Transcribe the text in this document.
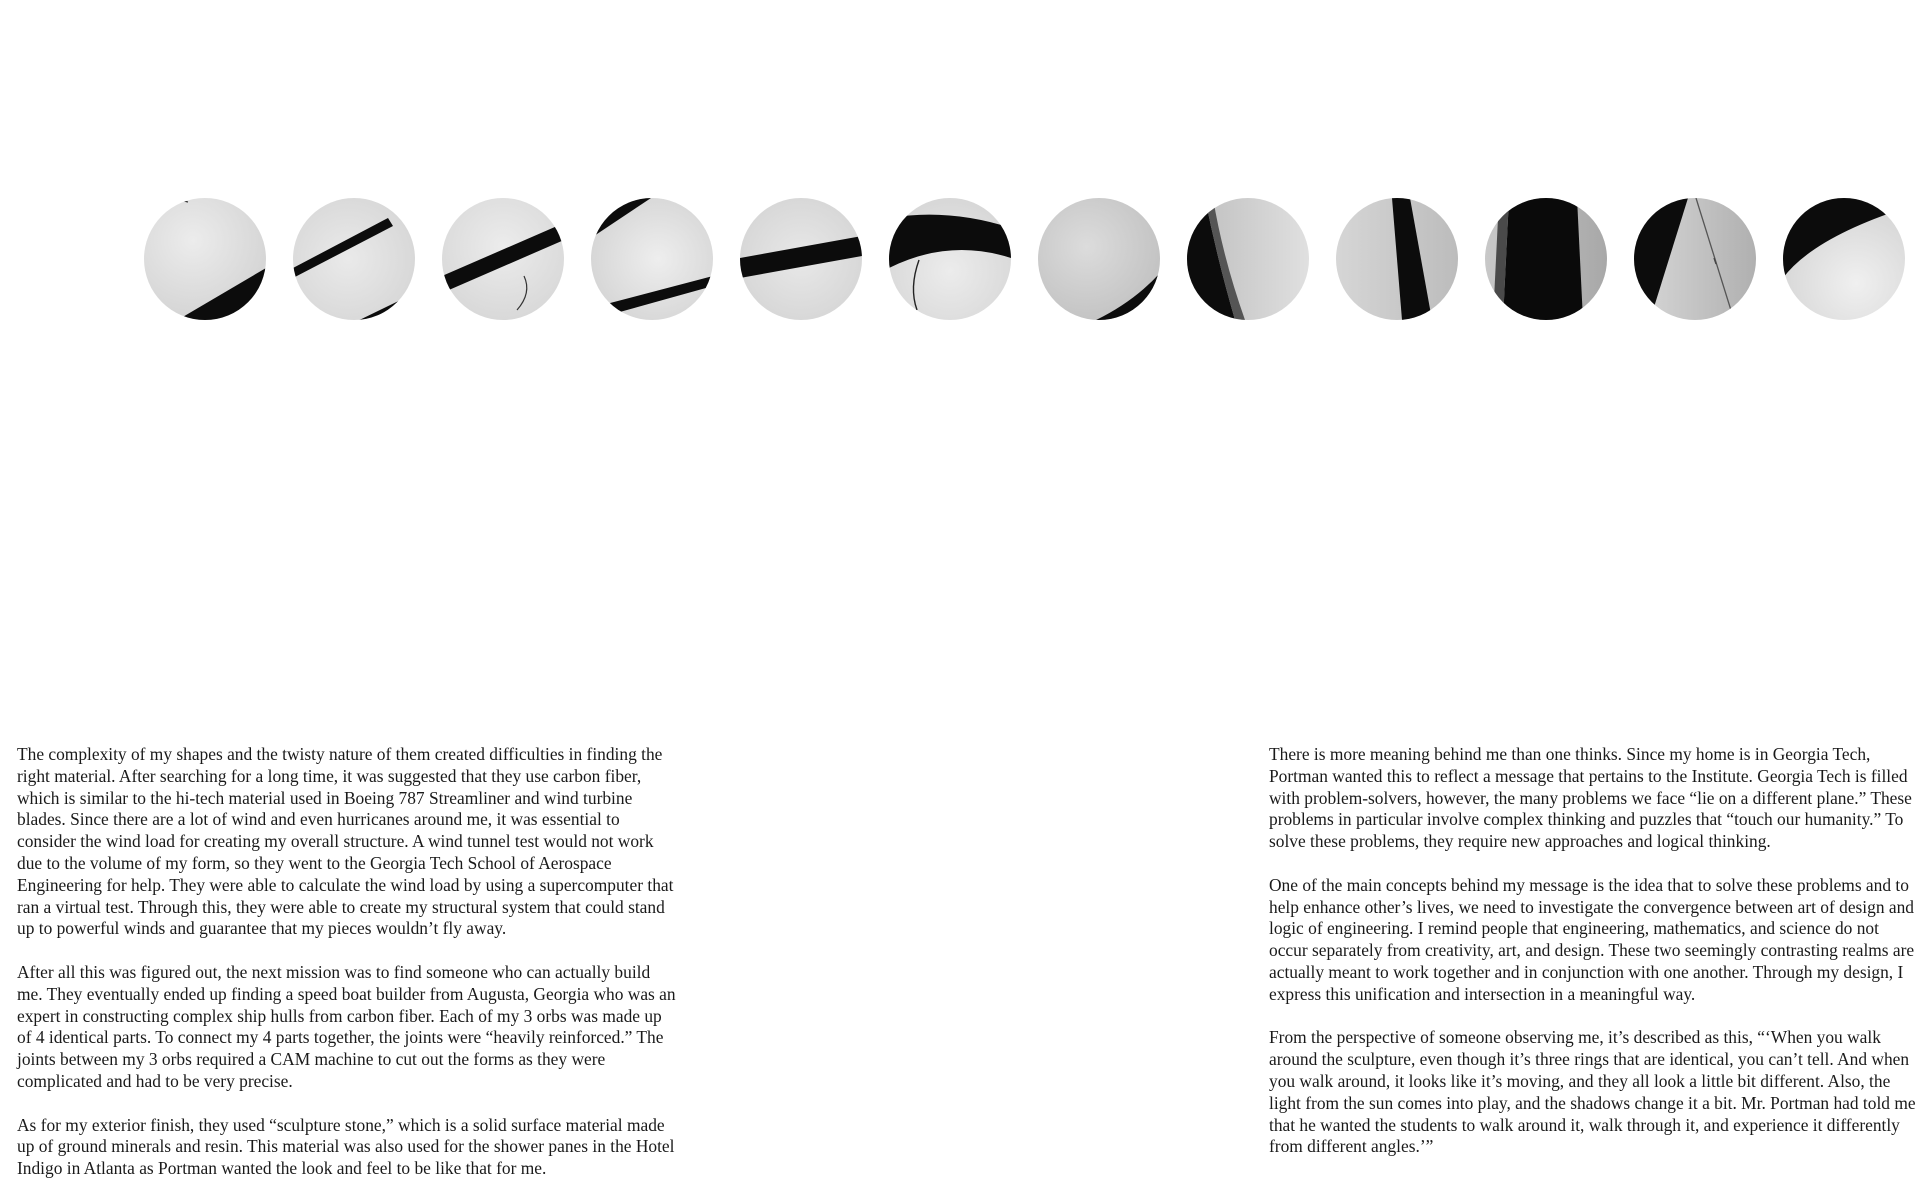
The complexity of my shapes and the twisty nature of them created difficulties in finding the right material. After searching for a long time, it was suggested that they use carbon fiber, which is similar to the hi-tech material used in Boeing 787 Streamliner and wind turbine blades. Since there are a lot of wind and even hurricanes around me, it was essential to consider the wind load for creating my overall structure. A wind tunnel test would not work due to the volume of my form, so they went to the Georgia Tech School of Aerospace Engineering for help. They were able to calculate the wind load by using a supercomputer that ran a virtual test. Through this, they were able to create my structural system that could stand up to powerful winds and guarantee that my pieces wouldn’t fly away.

After all this was figured out, the next mission was to find someone who can actually build me. They eventually ended up finding a speed boat builder from Augusta, Georgia who was an expert in constructing complex ship hulls from carbon fiber. Each of my 3 orbs was made up of 4 identical parts. To connect my 4 parts together, the joints were “heavily reinforced.” The joints between my 3 orbs required a CAM machine to cut out the forms as they were complicated and had to be very precise.

As for my exterior finish, they used “sculpture stone,” which is a solid surface material made up of ground minerals and resin. This material was also used for the shower panes in the Hotel Indigo in Atlanta as Portman wanted the look and feel to be like that for me.

There is more meaning behind me than one thinks. Since my home is in Georgia Tech, Portman wanted this to reflect a message that pertains to the Institute. Georgia Tech is filled with problem-solvers, however, the many problems we face “lie on a different plane.” These problems in particular involve complex thinking and puzzles that “touch our humanity.” To solve these problems, they require new approaches and logical thinking.

One of the main concepts behind my message is the idea that to solve these problems and to help enhance other’s lives, we need to investigate the convergence between art of design and logic of engineering. I remind people that engineering, mathematics, and science do not occur separately from creativity, art, and design. These two seemingly contrasting realms are actually meant to work together and in conjunction with one another. Through my design, I express this unification and intersection in a meaningful way.

From the perspective of someone observing me, it’s described as this, “‘When you walk around the sculpture, even though it’s three rings that are identical, you can’t tell. And when you walk around, it looks like it’s moving, and they all look a little bit different. Also, the light from the sun comes into play, and the shadows change it a bit. Mr. Portman had told me that he wanted the students to walk around it, walk through it, and experience it differently from different angles.’”
